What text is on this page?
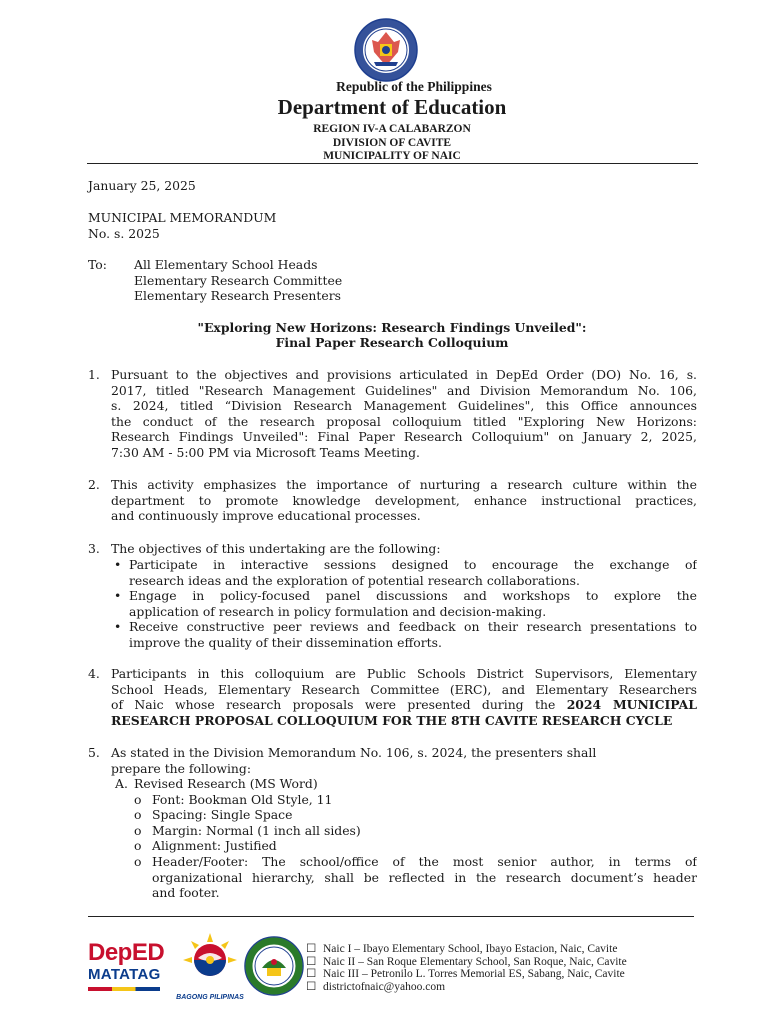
Republic of the Philippines
Department of Education
REGION IV-A CALABARZON
DIVISION OF CAVITE
MUNICIPALITY OF NAIC
January 25, 2025
MUNICIPAL MEMORANDUM
No. s. 2025
To: All Elementary School Heads
Elementary Research Committee
Elementary Research Presenters
"Exploring New Horizons: Research Findings Unveiled":
Final Paper Research Colloquium
1. Pursuant to the objectives and provisions articulated in DepEd Order (DO) No. 16, s.
2017, titled "Research Management Guidelines" and Division Memorandum No. 106,
s. 2024, titled “Division Research Management Guidelines", this Office announces
the conduct of the research proposal colloquium titled "Exploring New Horizons:
Research Findings Unveiled": Final Paper Research Colloquium" on January 2, 2025,
7:30 AM - 5:00 PM via Microsoft Teams Meeting.
2. This activity emphasizes the importance of nurturing a research culture within the
department to promote knowledge development, enhance instructional practices,
and continuously improve educational processes.
3. The objectives of this undertaking are the following:
• Participate in interactive sessions designed to encourage the exchange of
research ideas and the exploration of potential research collaborations.
• Engage in policy-focused panel discussions and workshops to explore the
application of research in policy formulation and decision-making.
• Receive constructive peer reviews and feedback on their research presentations to
improve the quality of their dissemination efforts.
4. Participants in this colloquium are Public Schools District Supervisors, Elementary
School Heads, Elementary Research Committee (ERC), and Elementary Researchers
of Naic whose research proposals were presented during the 2024 MUNICIPAL
RESEARCH PROPOSAL COLLOQUIUM FOR THE 8TH CAVITE RESEARCH CYCLE
5. As stated in the Division Memorandum No. 106, s. 2024, the presenters shall
prepare the following:
A. Revised Research (MS Word)
o Font: Bookman Old Style, 11
o Spacing: Single Space
o Margin: Normal (1 inch all sides)
o Alignment: Justified
o Header/Footer: The school/office of the most senior author, in terms of
organizational hierarchy, shall be reflected in the research document’s header
and footer.
DepED
MATATAG
BAGONG PILIPINAS
☐ Naic I – Ibayo Elementary School, Ibayo Estacion, Naic, Cavite
☐ Naic II – San Roque Elementary School, San Roque, Naic, Cavite
☐ Naic III – Petronilo L. Torres Memorial ES, Sabang, Naic, Cavite
☐ districtofnaic@yahoo.com
